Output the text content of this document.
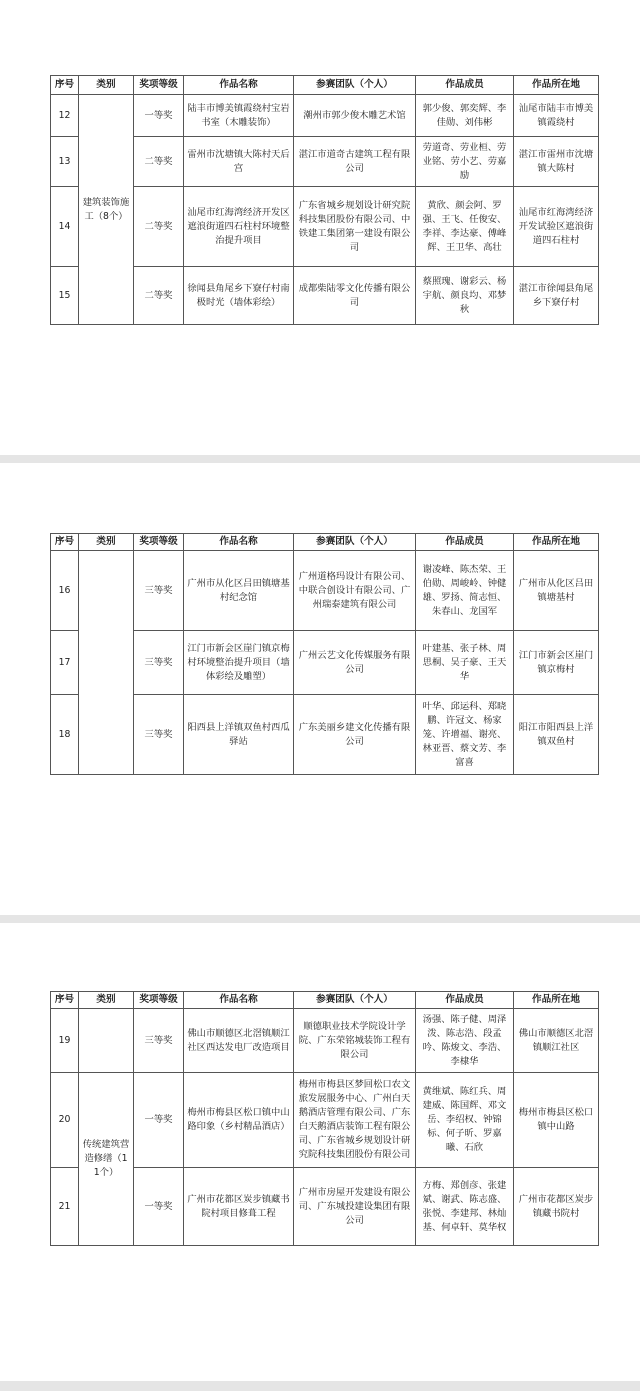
序号	类别	奖项等级	作品名称	参赛团队（个人）	作品成员	作品所在地
12	建筑装饰施工（8个）	一等奖	陆丰市博美镇霞绕村宝岩书室（木雕装饰）	潮州市郭少俊木雕艺术馆	郭少俊、郭奕辉、李佳勋、刘伟彬	汕尾市陆丰市博美镇霞绕村
13		二等奖	雷州市沈塘镇大陈村天后宫	湛江市道奇古建筑工程有限公司	劳道奇、劳业桓、劳业铭、劳小艺、劳嘉励	湛江市雷州市沈塘镇大陈村
14		二等奖	汕尾市红海湾经济开发区遮浪街道四石柱村环境整治提升项目	广东省城乡规划设计研究院科技集团股份有限公司、中铁建工集团第一建设有限公司	黄欣、颜会阿、罗强、王飞、任俊安、李祥、李达豪、傅峰辉、王卫华、高壮	汕尾市红海湾经济开发试验区遮浪街道四石柱村
15		二等奖	徐闻县角尾乡下寮仔村南极时光（墙体彩绘）	成都柴陆零文化传播有限公司	蔡照瑰、谢彩云、杨宇航、颜良均、邓梦秋	湛江市徐闻县角尾乡下寮仔村
序号	类别	奖项等级	作品名称	参赛团队（个人）	作品成员	作品所在地
16		三等奖	广州市从化区吕田镇塘基村纪念馆	广州道格玛设计有限公司、中联合创设计有限公司、广州瑞泰建筑有限公司	谢凌峰、陈杰荣、王伯勋、周峻岭、钟健雄、罗扬、简志恒、朱春山、龙国军	广州市从化区吕田镇塘基村
17		三等奖	江门市新会区崖门镇京梅村环境整治提升项目（墙体彩绘及雕塑）	广州云艺文化传媒服务有限公司	叶建基、张子林、周思桐、吴子豪、王天华	江门市新会区崖门镇京梅村
18		三等奖	阳西县上洋镇双鱼村西瓜驿站	广东美丽乡建文化传播有限公司	叶华、邱运科、郑晓鹏、许冠文、杨家笼、许增福、谢亮、林亚晋、蔡文芳、李富喜	阳江市阳西县上洋镇双鱼村
序号	类别	奖项等级	作品名称	参赛团队（个人）	作品成员	作品所在地
19		三等奖	佛山市顺德区北滘镇顺江社区西达发电厂改造项目	顺德职业技术学院设计学院、广东荣铭城装饰工程有限公司	汤强、陈子健、周泽泼、陈志浩、段孟吟、陈焌文、李浩、李棣华	佛山市顺德区北滘镇顺江社区
20	传统建筑营造修缮（11个）	一等奖	梅州市梅县区松口镇中山路印象（乡村精品酒店）	梅州市梅县区梦回松口农文旅发展服务中心、广州白天鹅酒店管理有限公司、广东白天鹅酒店装饰工程有限公司、广东省城乡规划设计研究院科技集团股份有限公司	黄维斌、陈红兵、周建威、陈国辉、邓文岳、李绍权、钟锦标、何子昕、罗嘉曦、石欣	梅州市梅县区松口镇中山路
21		一等奖	广州市花都区炭步镇藏书院村项目修葺工程	广州市房屋开发建设有限公司、广东城投建设集团有限公司	方梅、郑创彦、张建斌、谢武、陈志盛、张悦、李建邦、林灿基、何卓轩、莫华权	广州市花都区炭步镇藏书院村
